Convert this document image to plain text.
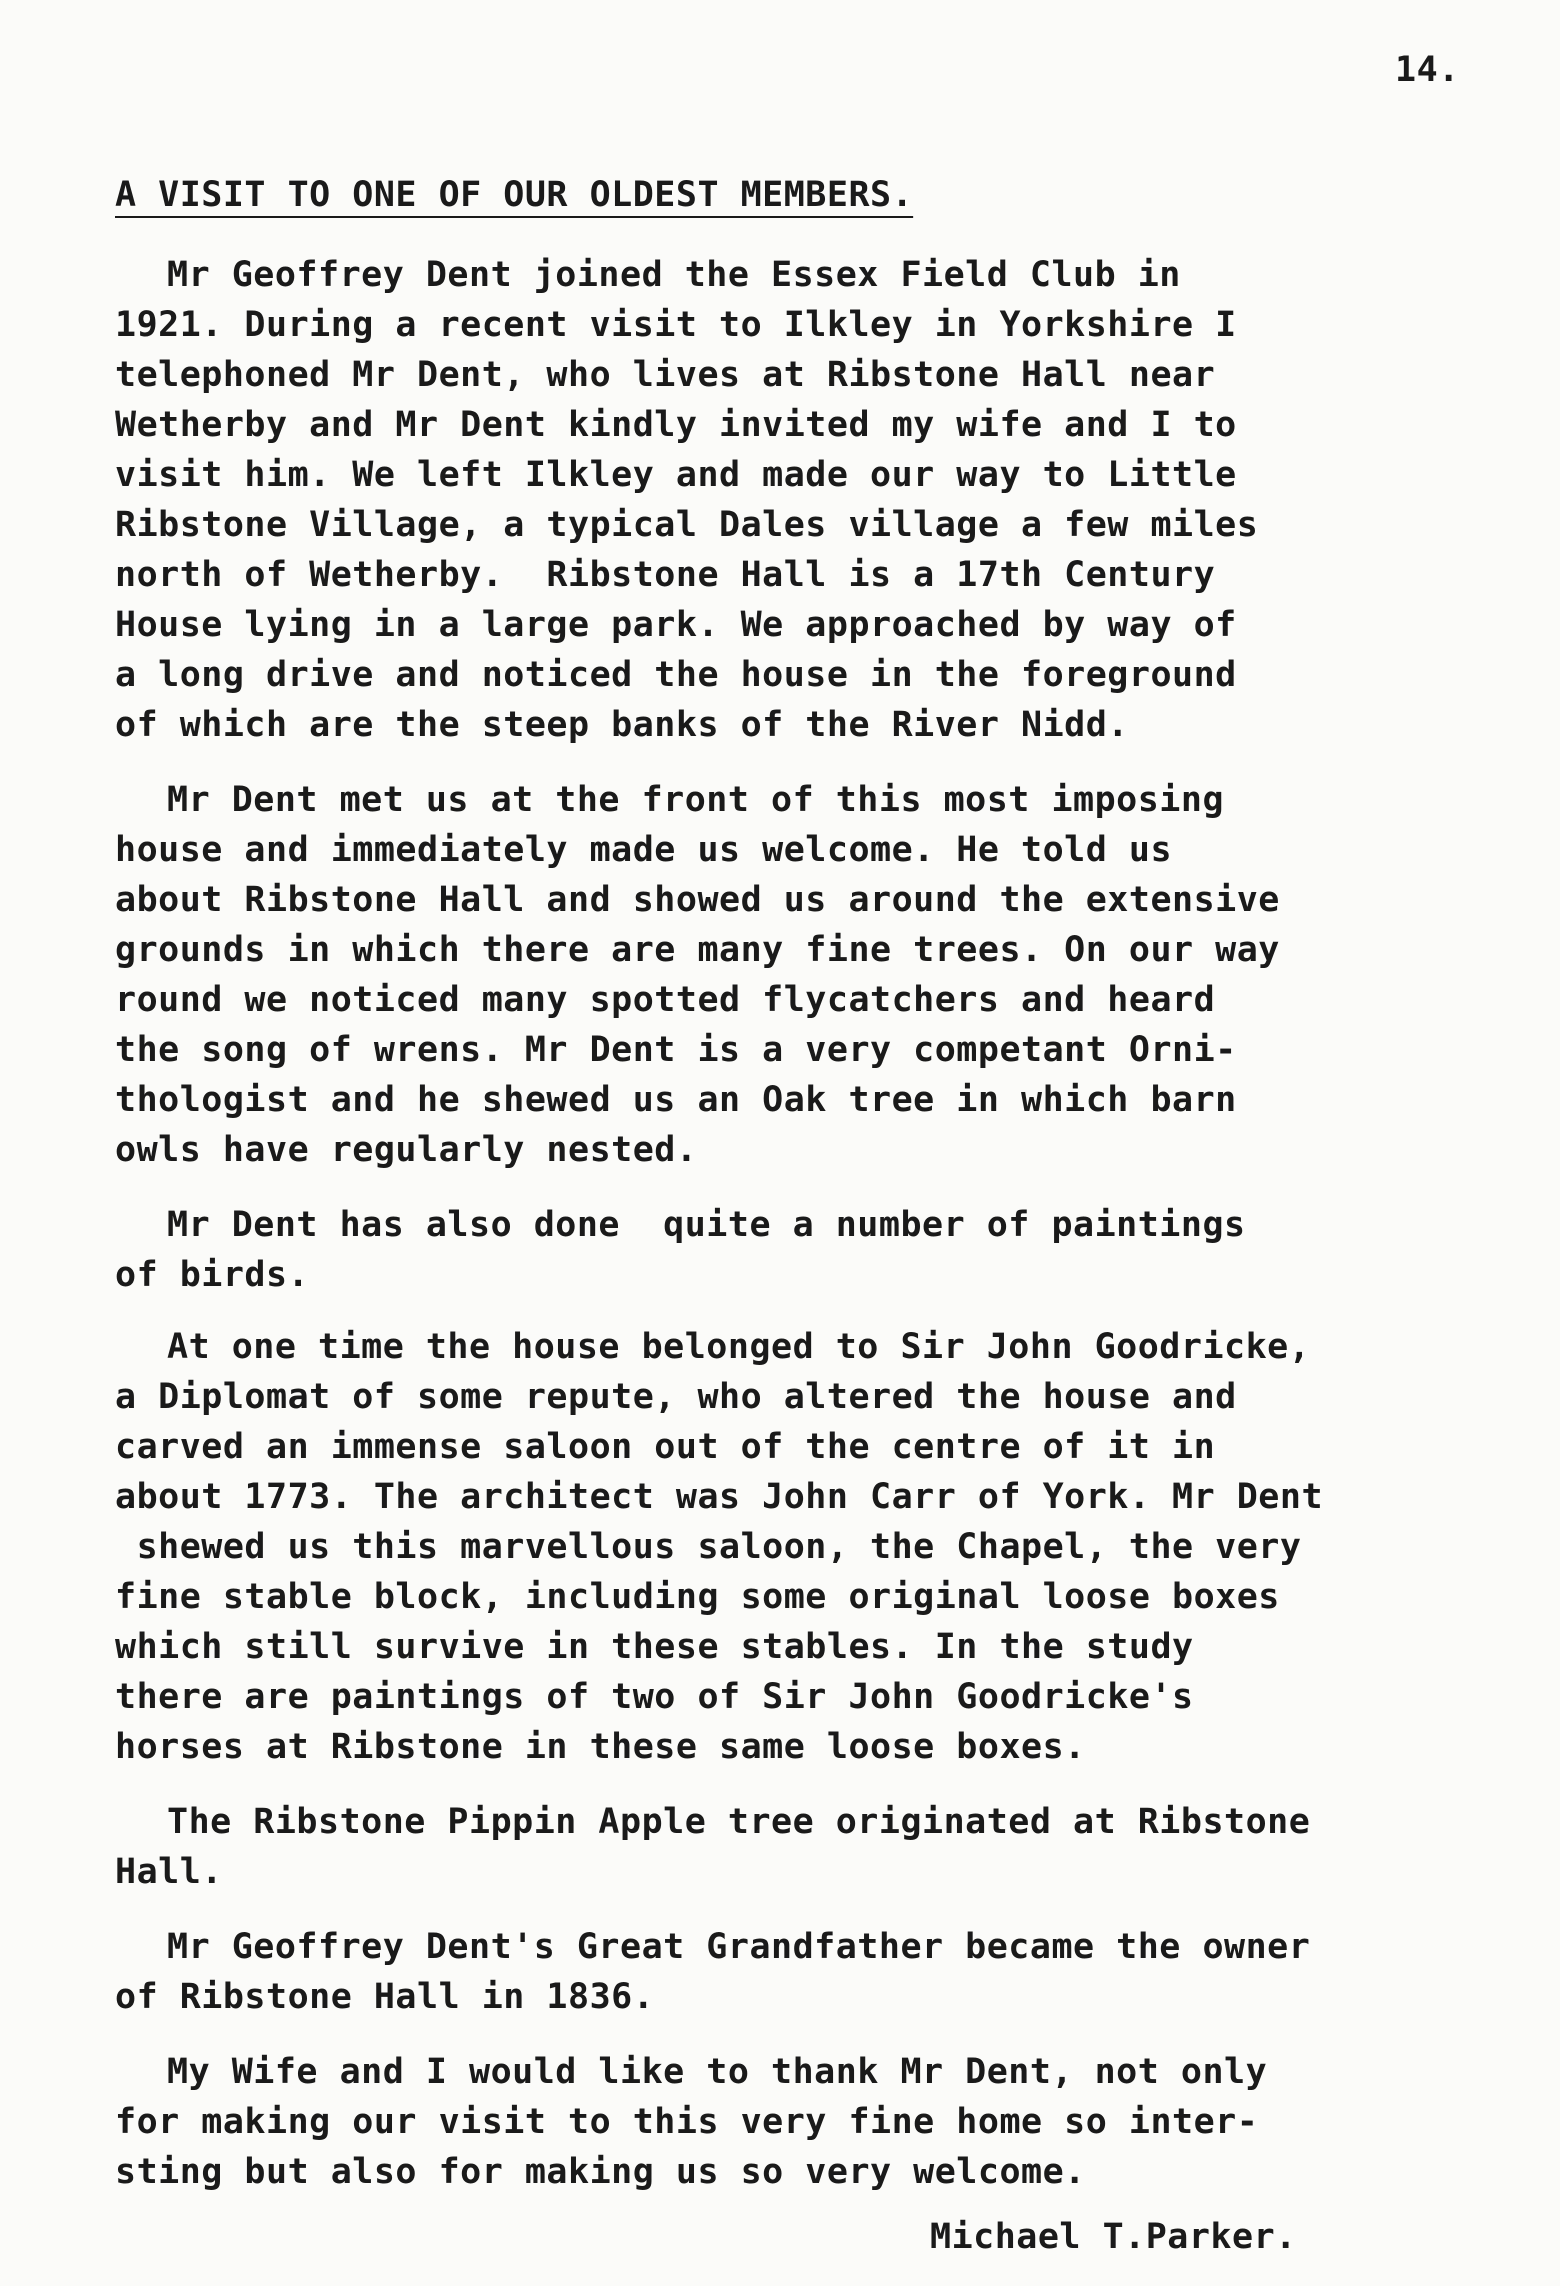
14.
A VISIT TO ONE OF OUR OLDEST MEMBERS.
Mr Geoffrey Dent joined the Essex Field Club in
1921. During a recent visit to Ilkley in Yorkshire I
telephoned Mr Dent, who lives at Ribstone Hall near
Wetherby and Mr Dent kindly invited my wife and I to
visit him. We left Ilkley and made our way to Little
Ribstone Village, a typical Dales village a few miles
north of Wetherby.  Ribstone Hall is a 17th Century
House lying in a large park. We approached by way of
a long drive and noticed the house in the foreground
of which are the steep banks of the River Nidd.
Mr Dent met us at the front of this most imposing
house and immediately made us welcome. He told us
about Ribstone Hall and showed us around the extensive
grounds in which there are many fine trees. On our way
round we noticed many spotted flycatchers and heard
the song of wrens. Mr Dent is a very competant Orni-
thologist and he shewed us an Oak tree in which barn
owls have regularly nested.
Mr Dent has also done  quite a number of paintings
of birds.
At one time the house belonged to Sir John Goodricke,
a Diplomat of some repute, who altered the house and
carved an immense saloon out of the centre of it in
about 1773. The architect was John Carr of York. Mr Dent
shewed us this marvellous saloon, the Chapel, the very
fine stable block, including some original loose boxes
which still survive in these stables. In the study
there are paintings of two of Sir John Goodricke's
horses at Ribstone in these same loose boxes.
The Ribstone Pippin Apple tree originated at Ribstone
Hall.
Mr Geoffrey Dent's Great Grandfather became the owner
of Ribstone Hall in 1836.
My Wife and I would like to thank Mr Dent, not only
for making our visit to this very fine home so inter-
sting but also for making us so very welcome.
Michael T.Parker.
